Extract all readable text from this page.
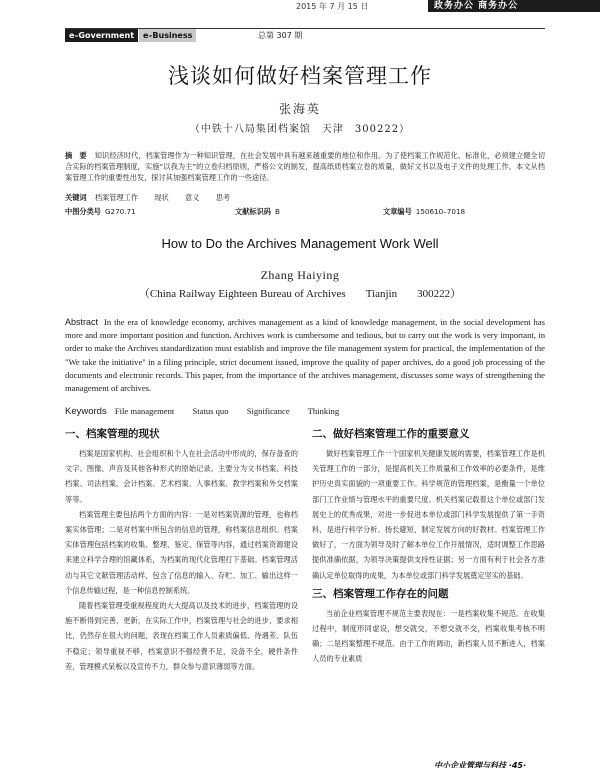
2015 年 7 月 15 日	政务办公 商务办公
e–Government	e–Business	总第 307 期
浅谈如何做好档案管理工作
张海英
（中铁十八局集团档案馆　天津　300222）
摘　要 知识经济时代，档案管理作为一种知识管理，在社会发展中具有越来越重要的地位和作用。为了使档案工作规范化、标准化，必须建立健全切合实际的档案管理制度，实施“以我为主”的立卷归档原则，严格公文的制发，提高纸质档案立卷的质量，做好文书以及电子文件的处理工作。本文从档案管理工作的重要性出发，探讨其加强档案管理工作的一些途径。
关键词 档案管理工作 现状 意义 思考
中图分类号 G270.71	文献标识码 B	文章编号 150610–7018
How to Do the Archives Management Work Well
Zhang Haiying
（China Railway Eighteen Bureau of Archives Tianjin 300222）
Abstract In the era of knowledge economy, archives management as a kind of knowledge management, in the social development has more and more important position and function. Archives work is cumbersome and tedious, but to carry out the work is very important, in order to make the Archives standardization must establish and improve the file management system for practical, the implementation of the "We take the initiative" in a filing principle, strict document issued, improve the quality of paper archives, do a good job processing of the documents and electronic records. This paper, from the importance of the archives management, discusses some ways of strengthening the management of archives.
Keywords File management Status quo Significance Thinking
一、档案管理的现状

档案是国家机构、社会组织和个人在社会活动中形成的，保存备查的文字、图像、声音及其他各种形式的原始记录。主要分为文书档案、科技档案、司法档案、会计档案、艺术档案、人事档案、教学档案和外交档案等等。

档案管理主要包括两个方面的内容：一是对档案资源的管理，也称档案实体管理；二是对档案中所包含的信息的管理，称档案信息组织。档案实体管理包括档案的收集、整理、鉴定、保管等内容，通过档案资源建设来建立科学合理的馆藏体系，为档案的现代化管理打下基础。档案管理活动与其它文献管理活动样，包含了信息的输入、存贮、加工、输出这样一个信息传输过程，是一种信息控制系统。

随着档案管理受重视程度的大大提高以及技术的进步，档案管理的设施不断得到完善、更新，在实际工作中，档案管理与社会的进步、要求相比，仍然存在很大的问题，表现在档案工作人员素质偏低、待遇差、队伍不稳定；领导重视不够，档案意识不强经费不足，设备不全，硬件条件差，管理模式呆板以及宣传不力，群众参与意识薄弱等方面。

二、做好档案管理工作的重要意义

做好档案管理工作一个国家机关健康发展的需要，档案管理工作是机关管理工作的一部分，是提高机关工作质量和工作效率的必要条件，是维护历史真实面貌的一项重要工作。科学规范的管理档案，是衡量一个单位部门工作业绩与管理水平的重要尺度。机关档案记载着这个单位或部门发展史上的优秀成果，对进一步促进本单位或部门科学发展提供了第一手资料，是进行科学分析、扬长避短，制定发展方向的好教材。档案管理工作做好了，一方面为领导及时了解本单位工作开展情况，适时调整工作思路提供准确依据，为领导决策提供支持性证据；另一方面有利于社会各方准确认定单位取得的成果，为本单位或部门科学发展奠定坚实的基础。

三、档案管理工作存在的问题

当前企业档案管理不规范主要表现在：一是档案收集不规范。在收集过程中，制度形同虚设，想交就交，不想交就不交，档案收集考核不明确；二是档案整理不规范。由于工作的调动，新档案人员不断进入，档案人员的专业素质

中小企业管理与科技 ·45·
